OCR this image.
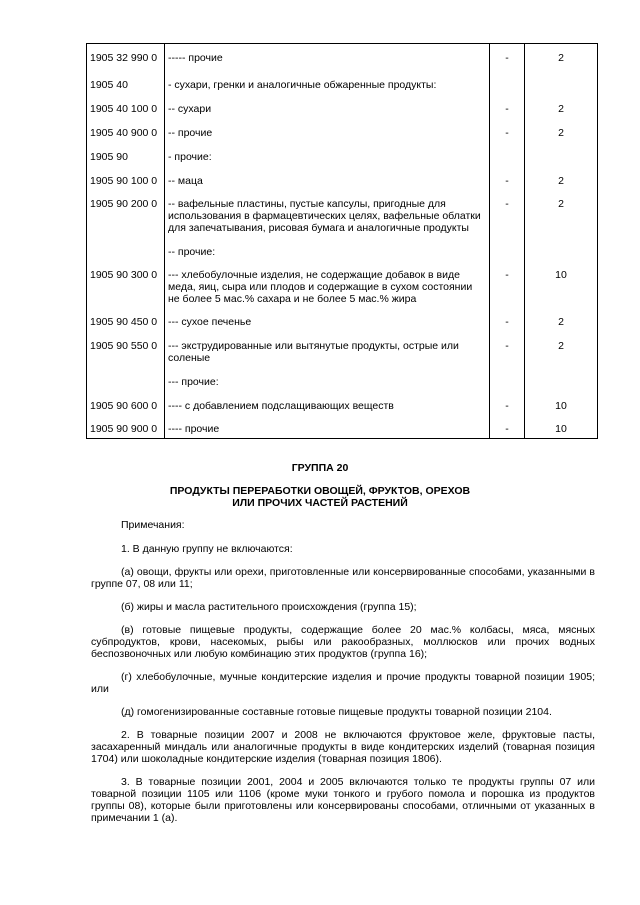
1905 32 990 0	----- прочие	-	2
1905 40	- сухари, гренки и аналогичные обжаренные продукты:		
1905 40 100 0	-- сухари	-	2
1905 40 900 0	-- прочие	-	2
1905 90	- прочие:		
1905 90 100 0	-- маца	-	2
1905 90 200 0	-- вафельные пластины, пустые капсулы, пригодные для использования в фармацевтических целях, вафельные облатки для запечатывания, рисовая бумага и аналогичные продукты	-	2
	-- прочие:		
1905 90 300 0	--- хлебобулочные изделия, не содержащие добавок в виде меда, яиц, сыра или плодов и содержащие в сухом состоянии не более 5 мас.% сахара и не более 5 мас.% жира	-	10
1905 90 450 0	--- сухое печенье	-	2
1905 90 550 0	--- экструдированные или вытянутые продукты, острые или соленые	-	2
	--- прочие:		
1905 90 600 0	---- с добавлением подслащивающих веществ	-	10
1905 90 900 0	---- прочие	-	10
ГРУППА 20
ПРОДУКТЫ ПЕРЕРАБОТКИ ОВОЩЕЙ, ФРУКТОВ, ОРЕХОВ
ИЛИ ПРОЧИХ ЧАСТЕЙ РАСТЕНИЙ

Примечания:

1. В данную группу не включаются:

(а) овощи, фрукты или орехи, приготовленные или консервированные способами, указанными в группе 07, 08 или 11;

(б) жиры и масла растительного происхождения (группа 15);

(в) готовые пищевые продукты, содержащие более 20 мас.% колбасы, мяса, мясных субпродуктов, крови, насекомых, рыбы или ракообразных, моллюсков или прочих водных беспозвоночных или любую комбинацию этих продуктов (группа 16);

(г) хлебобулочные, мучные кондитерские изделия и прочие продукты товарной позиции 1905; или

(д) гомогенизированные составные готовые пищевые продукты товарной позиции 2104.

2. В товарные позиции 2007 и 2008 не включаются фруктовое желе, фруктовые пасты, засахаренный миндаль или аналогичные продукты в виде кондитерских изделий (товарная позиция 1704) или шоколадные кондитерские изделия (товарная позиция 1806).

3. В товарные позиции 2001, 2004 и 2005 включаются только те продукты группы 07 или товарной позиции 1105 или 1106 (кроме муки тонкого и грубого помола и порошка из продуктов группы 08), которые были приготовлены или консервированы способами, отличными от указанных в примечании 1 (а).
